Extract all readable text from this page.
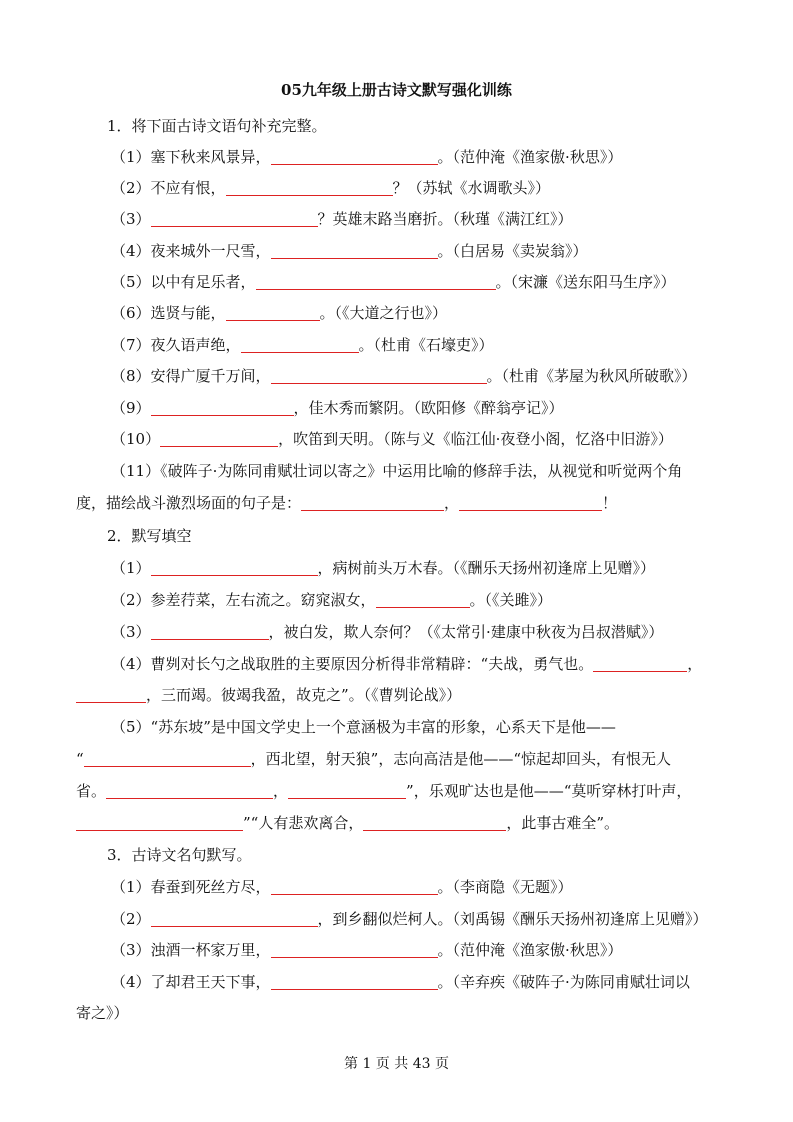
05九年级上册古诗文默写强化训练
1．将下面古诗文语句补充完整。
（1）塞下秋来风景异，	。（范仲淹《渔家傲·秋思》）
（2）不应有恨，	？（苏轼《水调歌头》）
（3）	？英雄末路当磨折。（秋瑾《满江红》）
（4）夜来城外一尺雪，	。（白居易《卖炭翁》）
（5）以中有足乐者，	。（宋濂《送东阳马生序》）
（6）选贤与能，	。（《大道之行也》）
（7）夜久语声绝，	。（杜甫《石壕吏》）
（8）安得广厦千万间，	。（杜甫《茅屋为秋风所破歌》）
（9）	，佳木秀而繁阴。（欧阳修《醉翁亭记》）
（10）	，吹笛到天明。（陈与义《临江仙·夜登小阁，忆洛中旧游》）
（11）《破阵子·为陈同甫赋壮词以寄之》中运用比喻的修辞手法，从视觉和听觉两个角
度，描绘战斗激烈场面的句子是：	，	！
2．默写填空
（1）	，病树前头万木春。（《酬乐天扬州初逢席上见赠》）
（2）参差荇菜，左右流之。窈窕淑女，	。（《关雎》）
（3）	，被白发，欺人奈何？（《太常引·建康中秋夜为吕叔潜赋》）
（4）曹刿对长勺之战取胜的主要原因分析得非常精辟：“夫战，勇气也。	，
，三而竭。彼竭我盈，故克之”。（《曹刿论战》）
（5）“苏东坡”是中国文学史上一个意涵极为丰富的形象，心系天下是他——
“	，西北望，射天狼”，志向高洁是他——“惊起却回头，有恨无人
省。	，	”，乐观旷达也是他——“莫听穿林打叶声，
”“人有悲欢离合，	，此事古难全”。
3．古诗文名句默写。
（1）春蚕到死丝方尽，	。（李商隐《无题》）
（2）	，到乡翻似烂柯人。（刘禹锡《酬乐天扬州初逢席上见赠》）
（3）浊酒一杯家万里，	。（范仲淹《渔家傲·秋思》）
（4）了却君王天下事，	。（辛弃疾《破阵子·为陈同甫赋壮词以
寄之》）
第 1 页 共 43 页
